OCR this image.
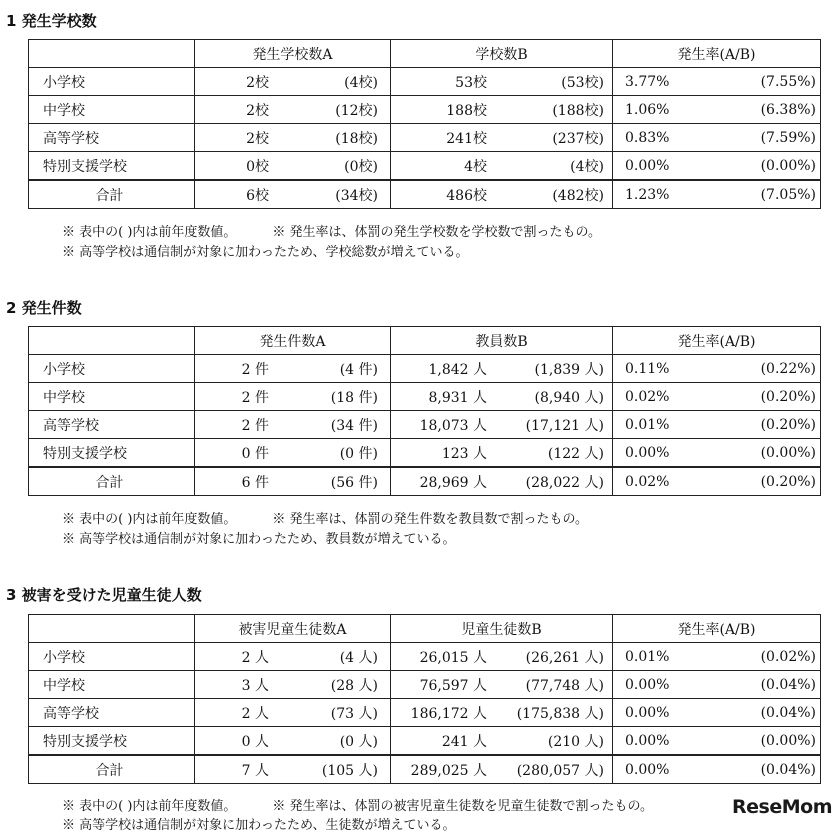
1 発生学校数
	発生学校数A	学校数B	発生率(A/B)
小学校	2校 (4校)	53校 (53校)	3.77% (7.55%)

中学校	2校 (12校)	188校 (188校)	1.06% (6.38%)

高等学校	2校 (18校)	241校 (237校)	0.83% (7.59%)

特別支援学校	0校 (0校)	4校 (4校)	0.00% (0.00%)

合計	6校 (34校)	486校 (482校)	1.23% (7.05%)
※ 表中の( )内は前年度数値。	※ 発生率は、体罰の発生学校数を学校数で割ったもの。
※ 高等学校は通信制が対象に加わったため、学校総数が増えている。
2 発生件数
	発生件数A	教員数B	発生率(A/B)
小学校	2 件 (4 件)	1,842 人 (1,839 人)	0.11% (0.22%)

中学校	2 件 (18 件)	8,931 人 (8,940 人)	0.02% (0.20%)

高等学校	2 件 (34 件)	18,073 人 (17,121 人)	0.01% (0.20%)

特別支援学校	0 件 (0 件)	123 人 (122 人)	0.00% (0.00%)

合計	6 件 (56 件)	28,969 人 (28,022 人)	0.02% (0.20%)
※ 表中の( )内は前年度数値。	※ 発生率は、体罰の発生件数を教員数で割ったもの。
※ 高等学校は通信制が対象に加わったため、教員数が増えている。
3 被害を受けた児童生徒人数
	被害児童生徒数A	児童生徒数B	発生率(A/B)
小学校	2 人 (4 人)	26,015 人 (26,261 人)	0.01% (0.02%)

中学校	3 人 (28 人)	76,597 人 (77,748 人)	0.00% (0.04%)

高等学校	2 人 (73 人)	186,172 人 (175,838 人)	0.00% (0.04%)

特別支援学校	0 人 (0 人)	241 人 (210 人)	0.00% (0.00%)

合計	7 人 (105 人)	289,025 人 (280,057 人)	0.00% (0.04%)
※ 表中の( )内は前年度数値。	※ 発生率は、体罰の被害児童生徒数を児童生徒数で割ったもの。
※ 高等学校は通信制が対象に加わったため、生徒数が増えている。
ReseMom
